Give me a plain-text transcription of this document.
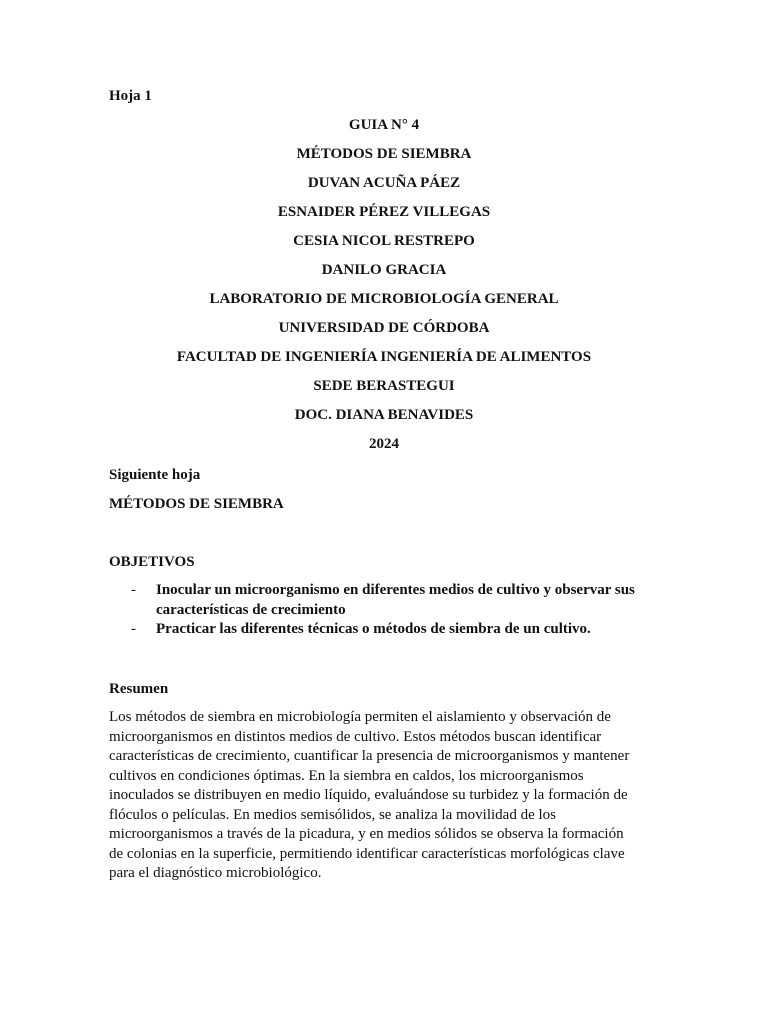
Hoja 1
GUIA N° 4
MÉTODOS DE SIEMBRA
DUVAN ACUÑA PÁEZ
ESNAIDER PÉREZ VILLEGAS
CESIA NICOL RESTREPO
DANILO GRACIA
LABORATORIO DE MICROBIOLOGÍA GENERAL
UNIVERSIDAD DE CÓRDOBA
FACULTAD DE INGENIERÍA INGENIERÍA DE ALIMENTOS
SEDE BERASTEGUI
DOC. DIANA BENAVIDES
2024
Siguiente hoja
MÉTODOS DE SIEMBRA
OBJETIVOS
- Inocular un microorganismo en diferentes medios de cultivo y observar sus
características de crecimiento
- Practicar las diferentes técnicas o métodos de siembra de un cultivo.
Resumen
Los métodos de siembra en microbiología permiten el aislamiento y observación de
microorganismos en distintos medios de cultivo. Estos métodos buscan identificar
características de crecimiento, cuantificar la presencia de microorganismos y mantener
cultivos en condiciones óptimas. En la siembra en caldos, los microorganismos
inoculados se distribuyen en medio líquido, evaluándose su turbidez y la formación de
flóculos o películas. En medios semisólidos, se analiza la movilidad de los
microorganismos a través de la picadura, y en medios sólidos se observa la formación
de colonias en la superficie, permitiendo identificar características morfológicas clave
para el diagnóstico microbiológico.
